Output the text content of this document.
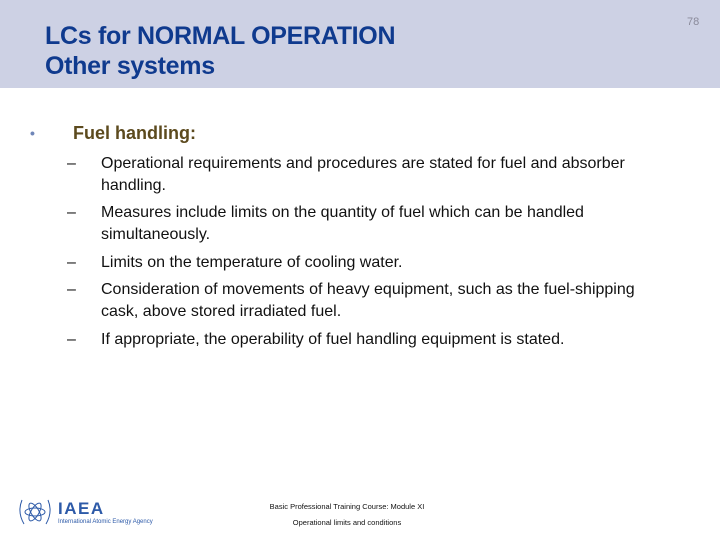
LCs for NORMAL OPERATION
Other systems
78
• Fuel handling:
– Operational requirements and procedures are stated for fuel and absorber handling.
– Measures include limits on the quantity of fuel which can be handled simultaneously.
– Limits on the temperature of cooling water.
– Consideration of movements of heavy equipment, such as the fuel-shipping cask, above stored irradiated fuel.
– If appropriate, the operability of fuel handling equipment is stated.
IAEA
International Atomic Energy Agency
Basic Professional Training Course: Module XI
Operational limits and conditions
